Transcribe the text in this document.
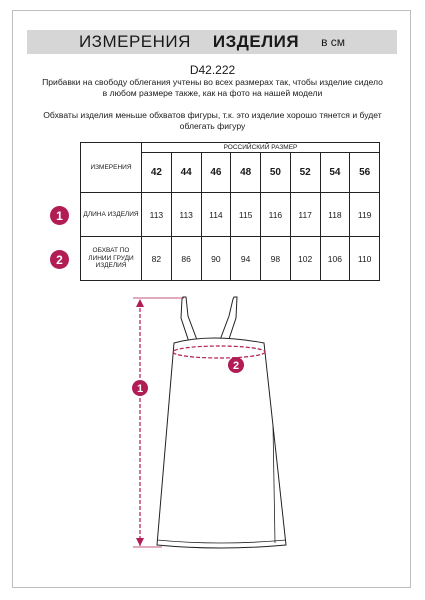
ИЗМЕРЕНИЯ ИЗДЕЛИЯ в см
D42.222
Прибавки на свободу облегания учтены во всех размерах так, чтобы изделие сидело в любом размере также, как на фото на нашей модели
Обхваты изделия меньше обхватов фигуры, т.к. это изделие хорошо тянется и будет облегать фигуру
ИЗМЕРЕНИЯ	РОССИЙСКИЙ РАЗМЕР							
	42	44	46	48	50	52	54	56
ДЛИНА ИЗДЕЛИЯ	113	113	114	115	116	117	118	119
ОБХВАТ ПО ЛИНИИ ГРУДИ ИЗДЕЛИЯ	82	86	90	94	98	102	106	110
1
2
1
2
